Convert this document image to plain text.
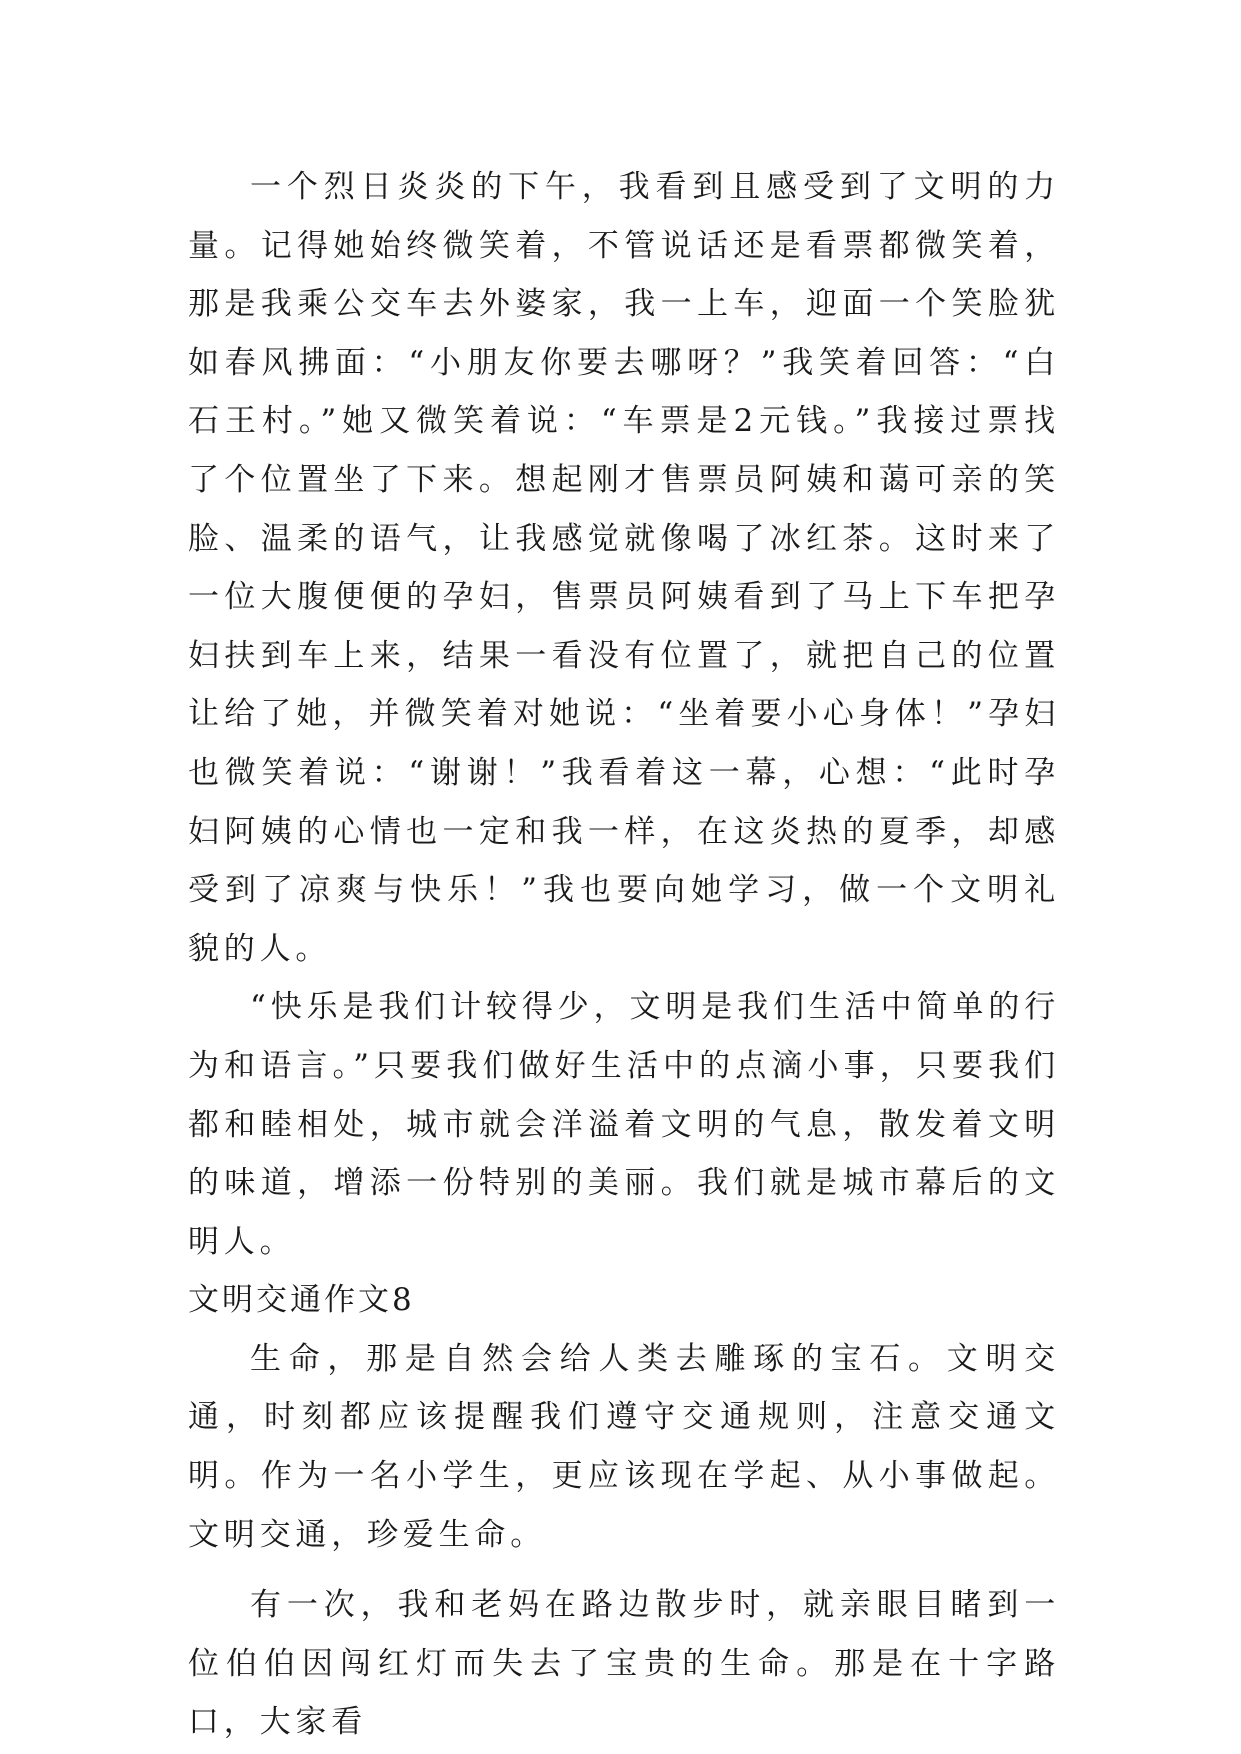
一个烈日炎炎的下午，我看到且感受到了文明的力量。记得她始终微笑着，不管说话还是看票都微笑着，那是我乘公交车去外婆家，我一上车，迎面一个笑脸犹如春风拂面：“小朋友你要去哪呀？”我笑着回答：“白石王村。”她又微笑着说：“车票是2元钱。”我接过票找了个位置坐了下来。想起刚才售票员阿姨和蔼可亲的笑脸、温柔的语气，让我感觉就像喝了冰红茶。这时来了一位大腹便便的孕妇，售票员阿姨看到了马上下车把孕妇扶到车上来，结果一看没有位置了，就把自己的位置让给了她，并微笑着对她说：“坐着要小心身体！”孕妇也微笑着说：“谢谢！”我看着这一幕，心想：“此时孕妇阿姨的心情也一定和我一样，在这炎热的夏季，却感受到了凉爽与快乐！”我也要向她学习，做一个文明礼貌的人。

“快乐是我们计较得少，文明是我们生活中简单的行为和语言。”只要我们做好生活中的点滴小事，只要我们都和睦相处，城市就会洋溢着文明的气息，散发着文明的味道，增添一份特别的美丽。我们就是城市幕后的文明人。

文明交通作文8

生命，那是自然会给人类去雕琢的宝石。文明交通，时刻都应该提醒我们遵守交通规则，注意交通文明。作为一名小学生，更应该现在学起、从小事做起。文明交通，珍爱生命。

有一次，我和老妈在路边散步时，就亲眼目睹到一位伯伯因闯红灯而失去了宝贵的生命。那是在十字路口，大家看
